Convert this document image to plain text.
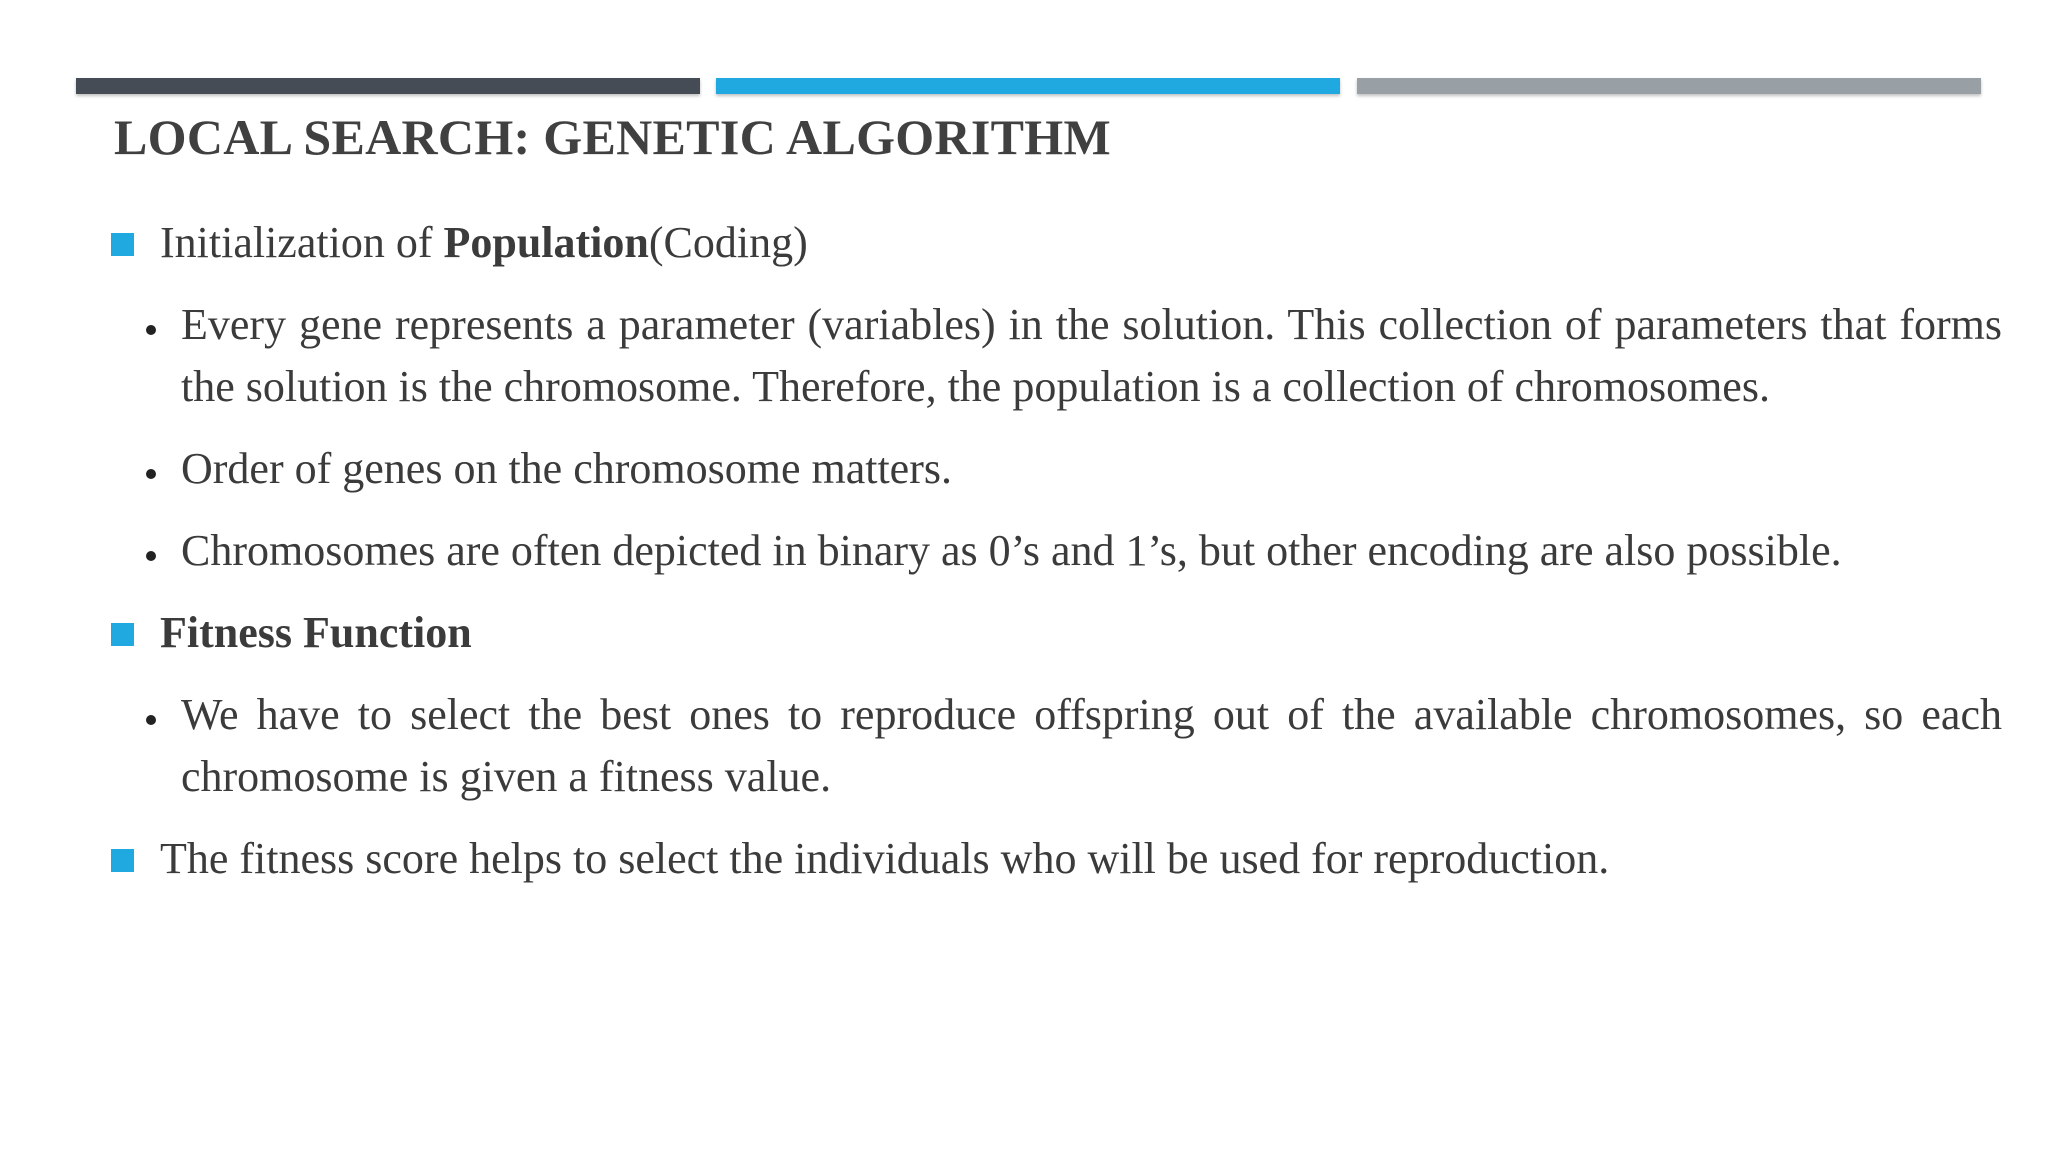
LOCAL SEARCH: GENETIC ALGORITHM
Initialization of Population(Coding)
Every gene represents a parameter (variables) in the solution. This collection of parameters that forms the solution is the chromosome. Therefore, the population is a collection of chromosomes.
Order of genes on the chromosome matters.
Chromosomes are often depicted in binary as 0’s and 1’s, but other encoding are also possible.
Fitness Function
We have to select the best ones to reproduce offspring out of the available chromosomes, so each chromosome is given a fitness value.
The fitness score helps to select the individuals who will be used for reproduction.
